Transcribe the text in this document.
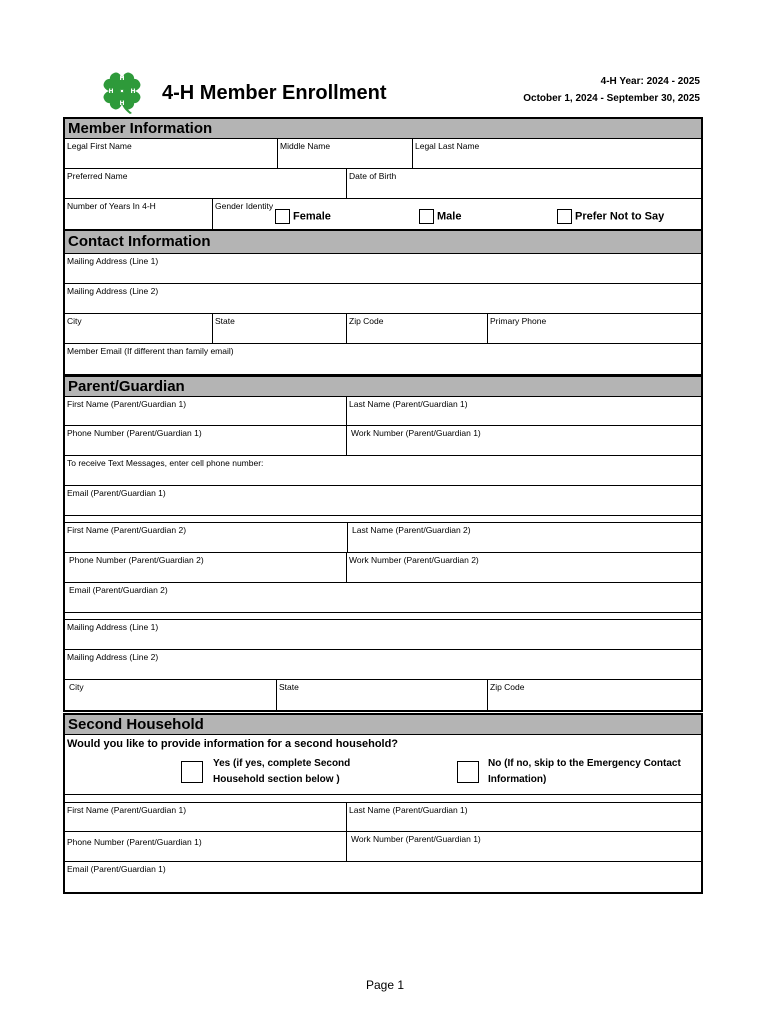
H
H
H
H 4-H Member Enrollment
4-H Year: 2024 - 2025
October 1, 2024 - September 30, 2025
Member Information
Legal First Name	Middle Name	Legal Last Name
Preferred Name	Date of Birth
Number of Years In 4-H	Gender Identity
Female	Male	Prefer Not to Say
Contact Information
Mailing Address (Line 1)
Mailing Address (Line 2)
City	State	Zip Code	Primary Phone
Member Email (If different than family email)
Parent/Guardian
First Name (Parent/Guardian 1)	Last Name (Parent/Guardian 1)
Phone Number (Parent/Guardian 1)	Work Number (Parent/Guardian 1)
To receive Text Messages, enter cell phone number:
Email (Parent/Guardian 1)
First Name (Parent/Guardian 2)	Last Name (Parent/Guardian 2)
Phone Number (Parent/Guardian 2)	Work Number (Parent/Guardian 2)
Email (Parent/Guardian 2)
Mailing Address (Line 1)
Mailing Address (Line 2)
City	State	Zip Code
Second Household
Would you like to provide information for a second household?
Yes (if yes, complete Second
Household section below )
No (If no, skip to the Emergency Contact
Information)
First Name (Parent/Guardian 1)	Last Name (Parent/Guardian 1)
Phone Number (Parent/Guardian 1)	Work Number (Parent/Guardian 1)
Email (Parent/Guardian 1)
Page 1
